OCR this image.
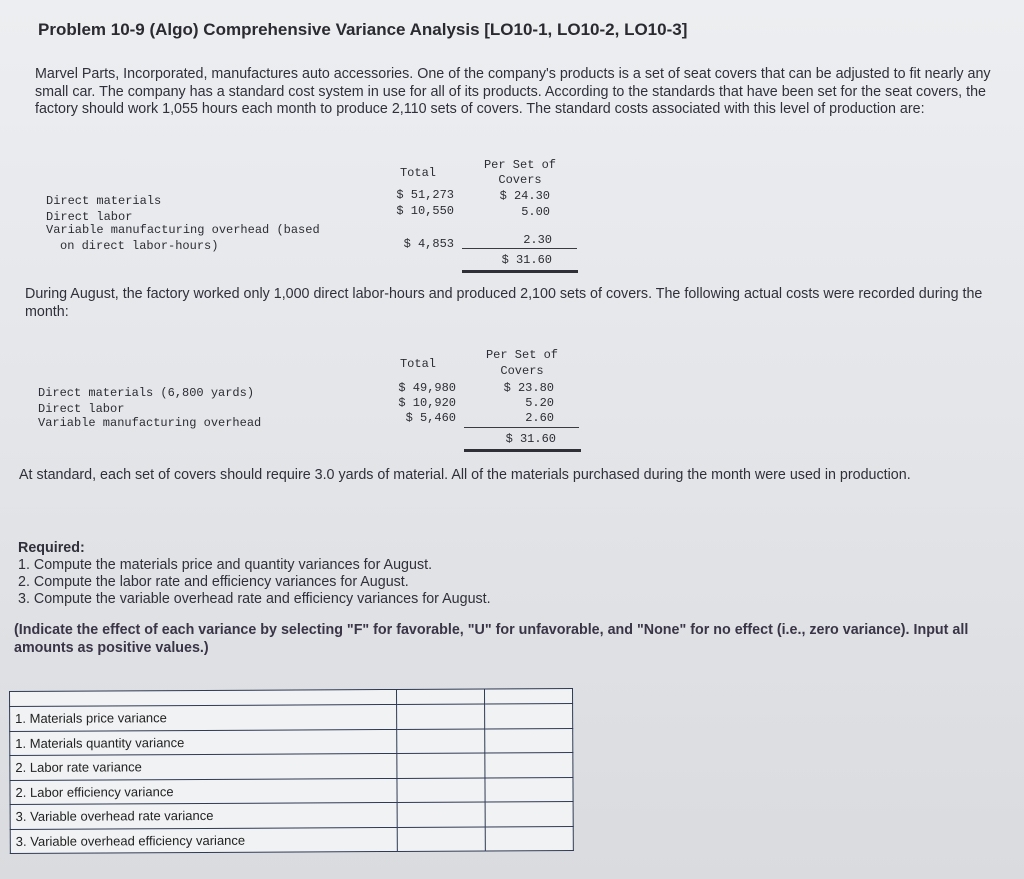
Problem 10-9 (Algo) Comprehensive Variance Analysis [LO10-1, LO10-2, LO10-3]

Marvel Parts, Incorporated, manufactures auto accessories. One of the company's products is a set of seat covers that can be adjusted to fit nearly any small car. The company has a standard cost system in use for all of its products. According to the standards that have been set for the seat covers, the factory should work 1,055 hours each month to produce 2,110 sets of covers. The standard costs associated with this level of production are:

Total
Per Set of
Covers
Direct materials	$ 51,273	$ 24.30
Direct labor	$ 10,550	5.00
Variable manufacturing overhead (based
on direct labor-hours)	$ 4,853	2.30
$ 31.60

During August, the factory worked only 1,000 direct labor-hours and produced 2,100 sets of covers. The following actual costs were recorded during the month:

Total
Per Set of
Covers
Direct materials (6,800 yards)	$ 49,980	$ 23.80
Direct labor	$ 10,920	5.20
Variable manufacturing overhead	$ 5,460	2.60
$ 31.60

At standard, each set of covers should require 3.0 yards of material. All of the materials purchased during the month were used in production.

Required:
1. Compute the materials price and quantity variances for August.
2. Compute the labor rate and efficiency variances for August.
3. Compute the variable overhead rate and efficiency variances for August.

(Indicate the effect of each variance by selecting "F" for favorable, "U" for unfavorable, and "None" for no effect (i.e., zero variance). Input all amounts as positive values.)

1. Materials price variance		
1. Materials quantity variance		
2. Labor rate variance		
2. Labor efficiency variance		
3. Variable overhead rate variance		
3. Variable overhead efficiency variance		
